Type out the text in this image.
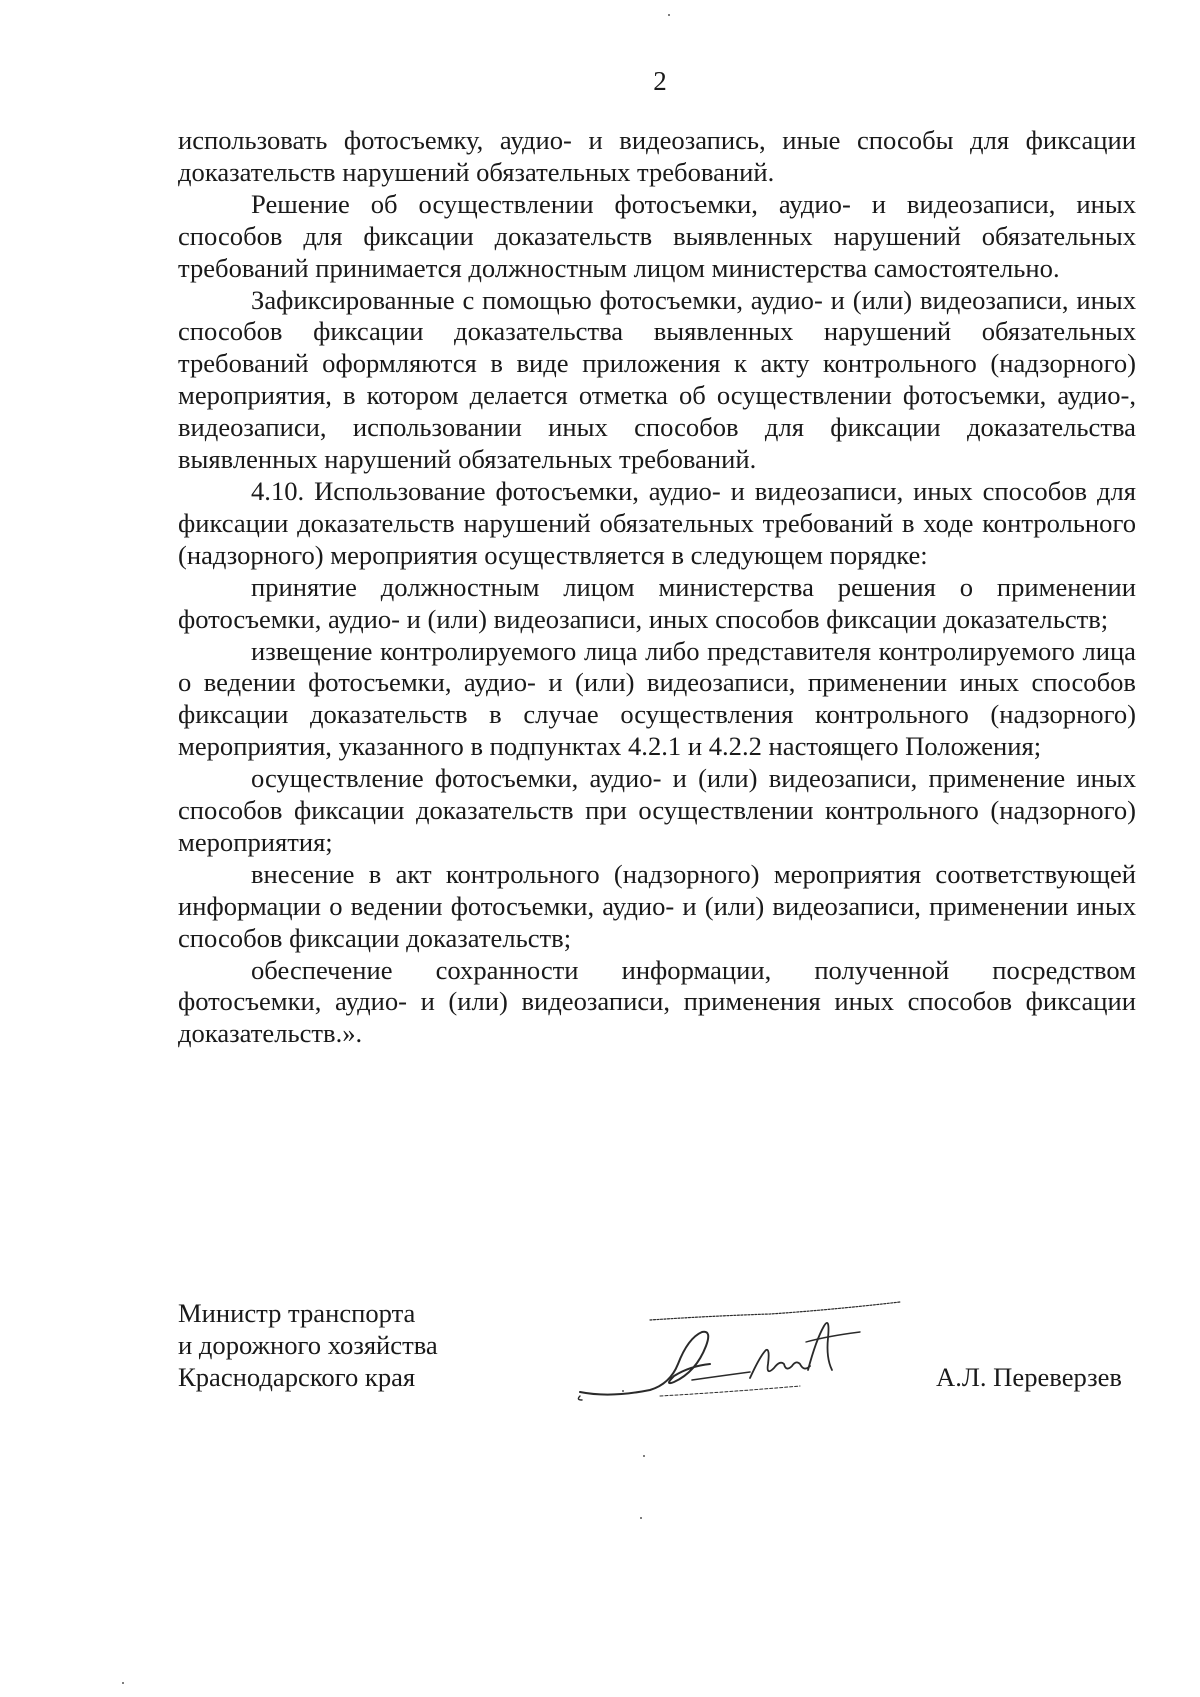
2

использовать фотосъемку, аудио- и видеозапись, иные способы для фиксации доказательств нарушений обязательных требований.

Решение об осуществлении фотосъемки, аудио- и видеозаписи, иных способов для фиксации доказательств выявленных нарушений обязательных требований принимается должностным лицом министерства самостоятельно.

Зафиксированные с помощью фотосъемки, аудио- и (или) видеозаписи, иных способов фиксации доказательства выявленных нарушений обязательных требований оформляются в виде приложения к акту контрольного (надзорного) мероприятия, в котором делается отметка об осуществлении фотосъемки, аудио-, видеозаписи, использовании иных способов для фиксации доказательства выявленных нарушений обязательных требований.

4.10. Использование фотосъемки, аудио- и видеозаписи, иных способов для фиксации доказательств нарушений обязательных требований в ходе контрольного (надзорного) мероприятия осуществляется в следующем порядке:

принятие должностным лицом министерства решения о применении фотосъемки, аудио- и (или) видеозаписи, иных способов фиксации доказательств;

извещение контролируемого лица либо представителя контролируемого лица о ведении фотосъемки, аудио- и (или) видеозаписи, применении иных способов фиксации доказательств в случае осуществления контрольного (надзорного) мероприятия, указанного в подпунктах 4.2.1 и 4.2.2 настоящего Положения;

осуществление фотосъемки, аудио- и (или) видеозаписи, применение иных способов фиксации доказательств при осуществлении контрольного (надзорного) мероприятия;

внесение в акт контрольного (надзорного) мероприятия соответствующей информации о ведении фотосъемки, аудио- и (или) видеозаписи, применении иных способов фиксации доказательств;

обеспечение сохранности информации, полученной посредством фотосъемки, аудио- и (или) видеозаписи, применения иных способов фиксации доказательств.».

Министр транспорта
и дорожного хозяйства
Краснодарского края	А.Л. Переверзев
